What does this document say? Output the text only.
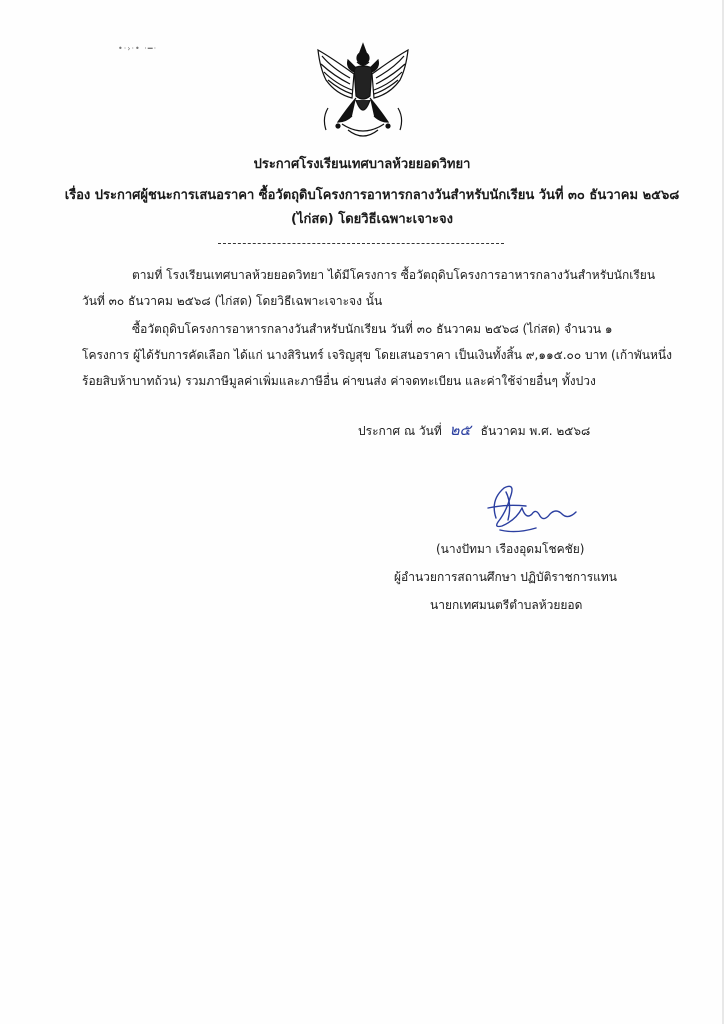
•·›·• ·━·
ประกาศโรงเรียนเทศบาลห้วยยอดวิทยา
เรื่อง ประกาศผู้ชนะการเสนอราคา ซื้อวัตถุดิบโครงการอาหารกลางวันสำหรับนักเรียน วันที่ ๓๐ ธันวาคม ๒๕๖๘
(ไก่สด) โดยวิธีเฉพาะเจาะจง
ตามที่ โรงเรียนเทศบาลห้วยยอดวิทยา ได้มีโครงการ ซื้อวัตถุดิบโครงการอาหารกลางวันสำหรับนักเรียน
วันที่ ๓๐ ธันวาคม ๒๕๖๘ (ไก่สด) โดยวิธีเฉพาะเจาะจง นั้น
ซื้อวัตถุดิบโครงการอาหารกลางวันสำหรับนักเรียน วันที่ ๓๐ ธันวาคม ๒๕๖๘ (ไก่สด) จำนวน ๑
โครงการ ผู้ได้รับการคัดเลือก ได้แก่ นางสิรินทร์ เจริญสุข โดยเสนอราคา เป็นเงินทั้งสิ้น ๙,๑๑๕.๐๐ บาท (เก้าพันหนึ่ง
ร้อยสิบห้าบาทถ้วน) รวมภาษีมูลค่าเพิ่มและภาษีอื่น ค่าขนส่ง ค่าจดทะเบียน และค่าใช้จ่ายอื่นๆ ทั้งปวง
ประกาศ ณ วันที่ ๒๕ ธันวาคม พ.ศ. ๒๕๖๘
(นางปัทมา เรืองอุดมโชคชัย)
ผู้อำนวยการสถานศึกษา ปฏิบัติราชการแทน
นายกเทศมนตรีตำบลห้วยยอด
